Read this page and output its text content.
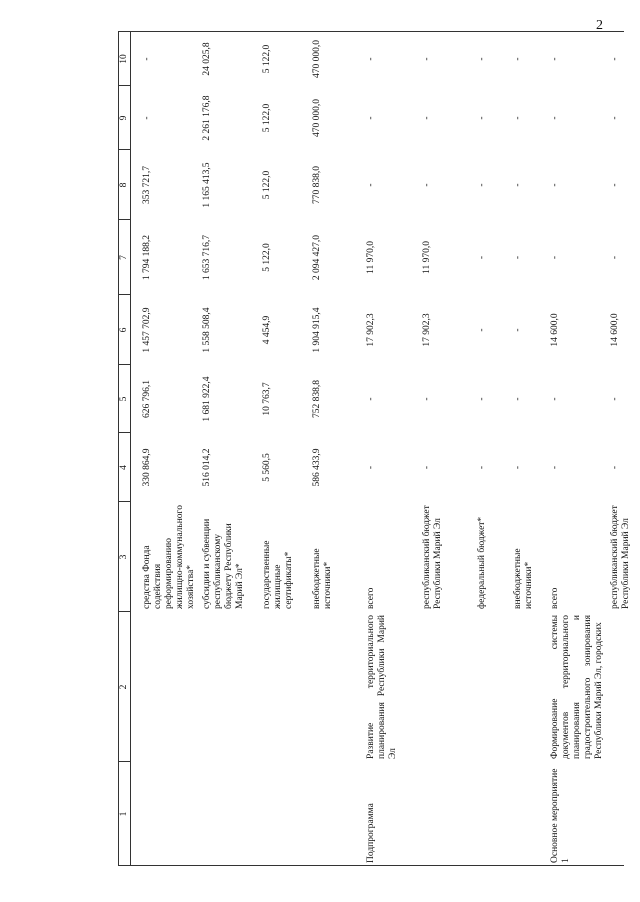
2
1
2
3
4
5
6
7
8
9
10
средства Фонда содействия реформированию жилищно-коммунального хозяйства*
330 864,9
626 796,1
1 457 702,9
1 794 188,2
353 721,7
-
-
субсидии и субвенции республиканскому бюджету Республики Марий Эл*
516 014,2
1 681 922,4
1 558 508,4
1 653 716,7
1 165 413,5
2 261 176,8
24 025,8
государственные жилищные сертификаты*
5 560,5
10 763,7
4 454,9
5 122,0
5 122,0
5 122,0
5 122,0
внебюджетные источники*
586 433,9
752 838,8
1 904 915,4
2 094 427,0
770 838,0
470 000,0
470 000,0
Подпрограмма
Развитие территориального планирования Республики Марий Эл
всего
-
-
17 902,3
11 970,0
-
-
-
республиканский бюджет Республики Марий Эл
-
-
17 902,3
11 970,0
-
-
-
федеральный бюджет*
-
-
-
-
-
-
-
внебюджетные источники*
-
-
-
-
-
-
-
Основное мероприятие 1
Формирование системы документов территориального планирования и градостроительного зонирования Республики Марий Эл, городских
всего
-
-
14 600,0
-
-
-
-
республиканский бюджет Республики Марий Эл
-
-
14 600,0
-
-
-
-
